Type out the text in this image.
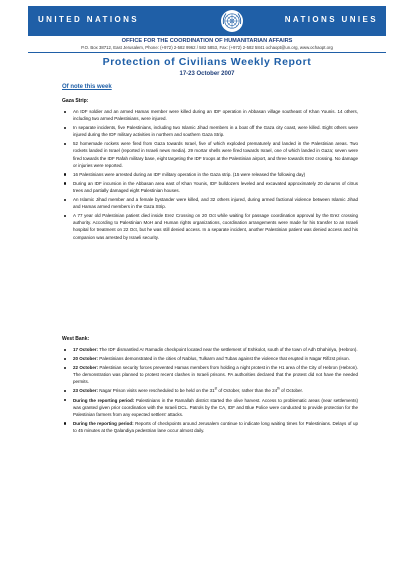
UNITED NATIONS	NATIONS UNIES
OFFICE FOR THE COORDINATION OF HUMANITARIAN AFFAIRS
P.O. Box 38712, East Jerusalem, Phone: (+972) 2-582 9962 / 582 5853, Fax: (+972) 2-582 5841 ochaopt@un.org, www.ochaopt.org
Protection of Civilians Weekly Report
17-23 October 2007
Of note this week
Gaza Strip:
An IDF soldier and an armed Hamas member were killed during an IDF operation in Abbasan village southeast of Khan Younis. 14 others, including two armed Palestinians, were injured.
In separate incidents, five Palestinians, including two Islamic Jihad members in a boat off the Gaza city coast, were killed. Eight others were injured during the IDF military activities in northern and southern Gaza Strip.
52 homemade rockets were fired from Gaza towards Israel, five of which exploded prematurely and landed in the Palestinian areas. Two rockets landed in Israel (reported in Israeli news media). 29 mortar shells were fired towards Israel, one of which landed in Gaza; seven were fired towards the IDF Rafah military base, eight targeting the IDF troops at the Palestinian airport, and three towards Erez crossing. No damage or injuries were reported.
16 Palestinians were arrested during an IDF military operation in the Gaza strip. (15 were released the following day)
During an IDF incursion in the Abbasan area east of Khan Younis, IDF bulldozers leveled and excavated approximately 20 dunums of citrus trees and partially damaged eight Palestinian houses.
An Islamic Jihad member and a female bystander were killed, and 32 others injured, during armed factional violence between Islamic Jihad and Hamas armed members in the Gaza Strip.
A 77 year old Palestinian patient died inside Erez Crossing on 20 Oct while waiting for passage coordination approval by the Erez crossing authority. According to Palestinian MoH and Human rights organizations, coordination arrangements were made for his transfer to an Israeli hospital for treatment on 22 Oct, but he was still denied access. In a separate incident, another Palestinian patient was denied access and his companion was arrested by Israeli security.
West Bank:
17 October: The IDF dismantled Ar Ramadin checkpoint located near the settlement of Eshkolot, south of the town of Adh Dhahiriya, (Hebron).
20 October: Palestinians demonstrated in the cities of Nablus, Tulkarm and Tubas against the violence that erupted in Nagar Rifizst prison.
22 October: Palestinian security forces prevented Hamas members from holding a night protest in the H1 area of the City of Hebron (Hebron). The demonstration was planned to protest recent clashes in Israeli prisons. PA authorities declared that the protest did not have the needed permits.
23 October: Nagar Prison visits were rescheduled to be held on the 31st of October, rather than the 24th of October.
During the reporting period: Palestinians in the Ramallah district started the olive harvest. Access to problematic areas (near settlements) was granted given prior coordination with the Israeli DCL. Patrols by the CA, IDF and Blue Police were conducted to provide protection for the Palestinian farmers from any expected settlers' attacks.
During the reporting period: Reports of checkpoints around Jerusalem continue to indicate long waiting times for Palestinians. Delays of up to 45 minutes at the Qalandiya pedestrian lane occur almost daily.
